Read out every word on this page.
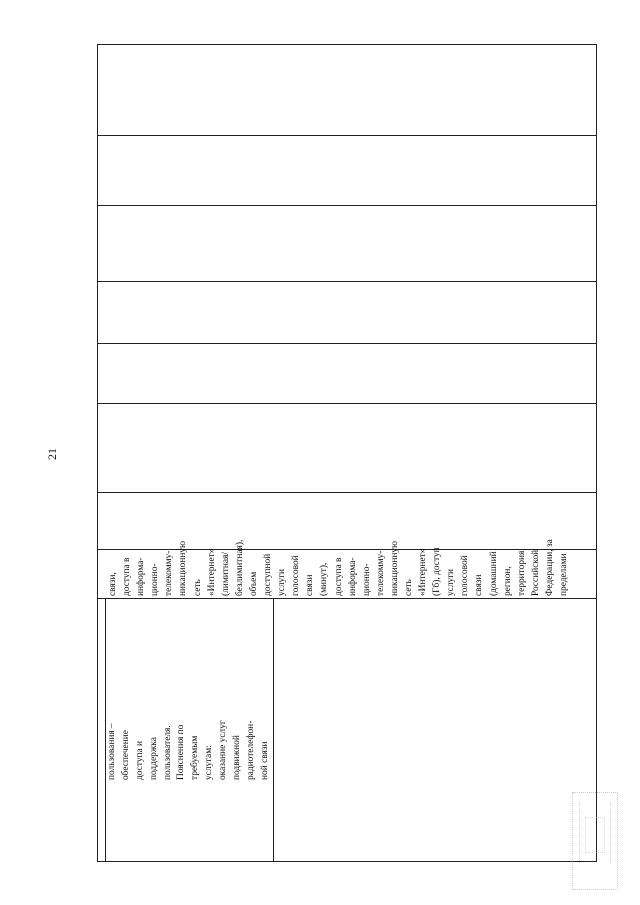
21
пользования – обеспечение доступа и поддержка пользователя. Пояснения по требуемым услугам: оказание услуг подвижной радиотелефон- ной связи
связи, доступа в информа- ционно- телекомму- никационную сеть «Интернет» (лимитная/ безлимитная), объем доступной услуги голосовой связи (минут), доступа в информа- ционно- телекомму- никационную сеть «Интернет» (Гб), доступ услуги голосовой связи (домашний регион, территория Российской Федерации, за пределами
